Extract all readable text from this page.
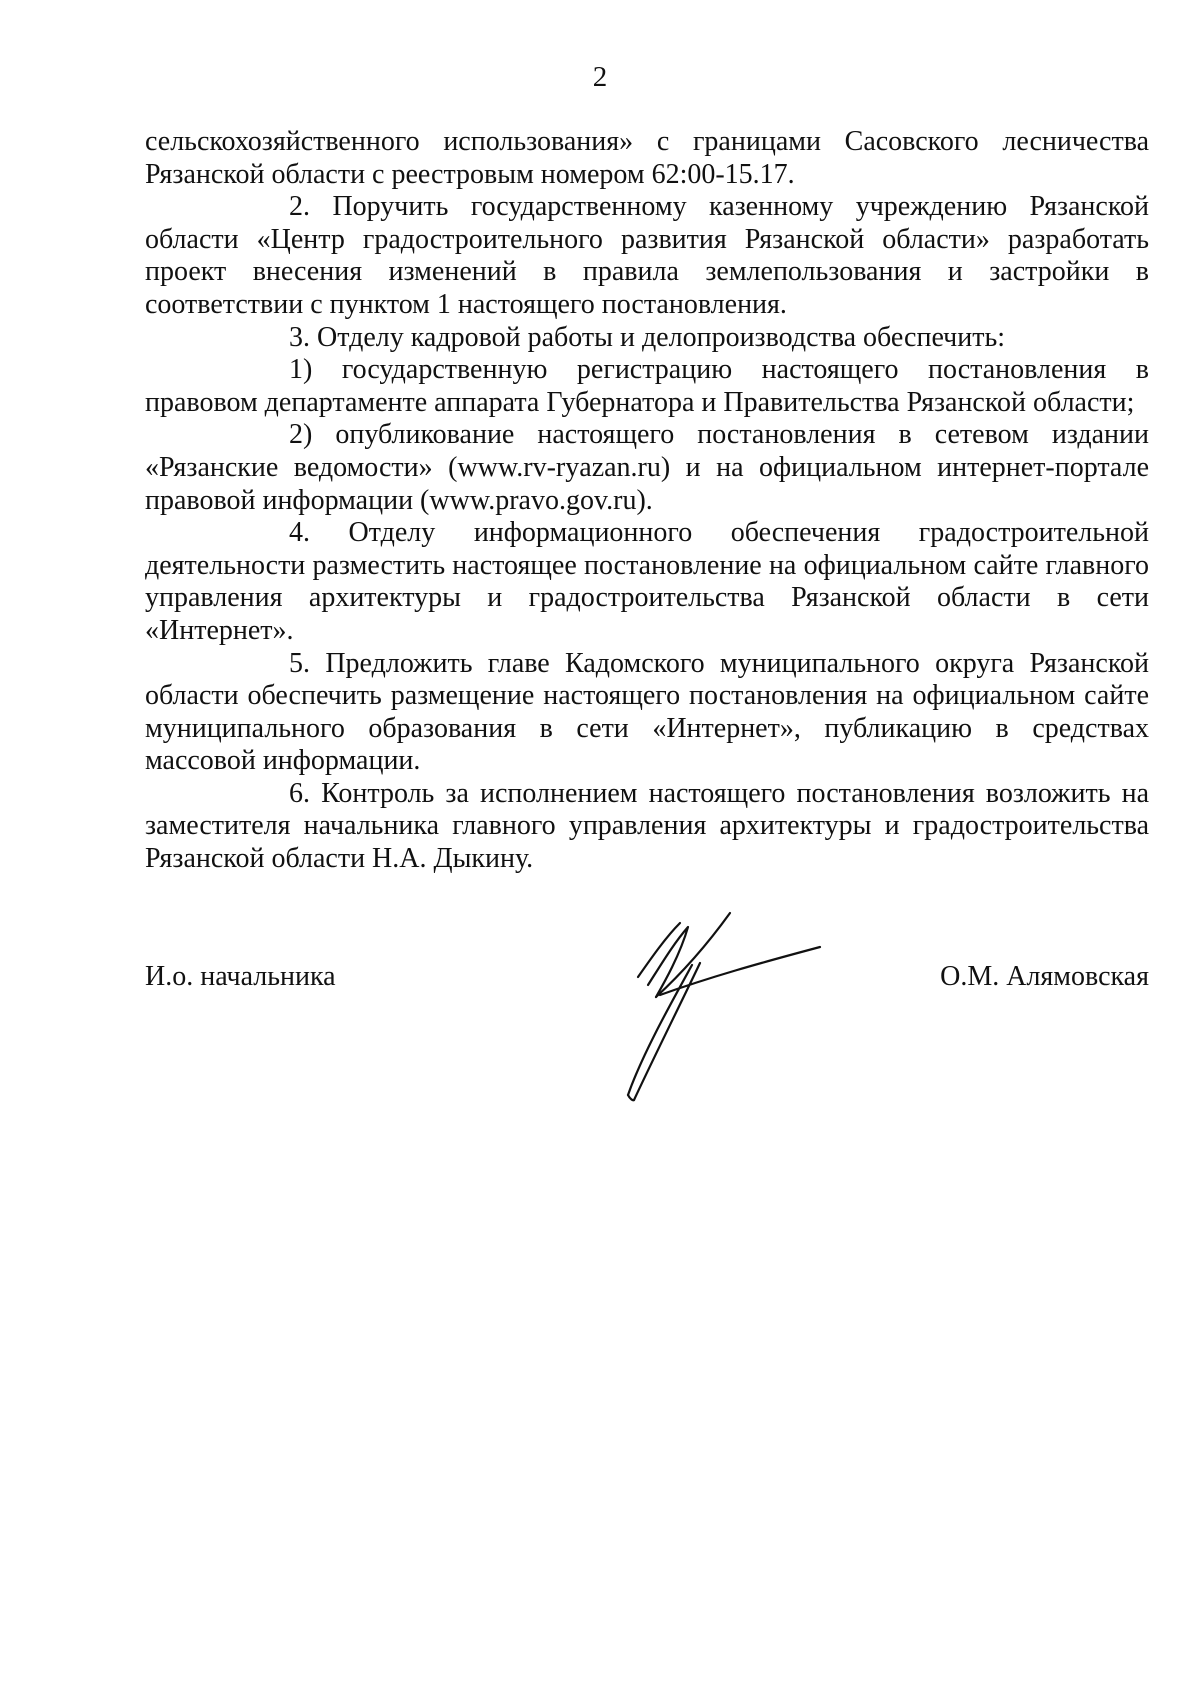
2

сельскохозяйственного использования» с границами Сасовского лесничества Рязанской области с реестровым номером 62:00-15.17.

2. Поручить государственному казенному учреждению Рязанской области «Центр градостроительного развития Рязанской области» разработать проект внесения изменений в правила землепользования и застройки в соответствии с пунктом 1 настоящего постановления.

3. Отделу кадровой работы и делопроизводства обеспечить:

1) государственную регистрацию настоящего постановления в правовом департаменте аппарата Губернатора и Правительства Рязанской области;

2) опубликование настоящего постановления в сетевом издании «Рязанские ведомости» (www.rv-ryazan.ru) и на официальном интернет-портале правовой информации (www.pravo.gov.ru).

4. Отделу информационного обеспечения градостроительной деятельности разместить настоящее постановление на официальном сайте главного управления архитектуры и градостроительства Рязанской области в сети «Интернет».

5. Предложить главе Кадомского муниципального округа Рязанской области обеспечить размещение настоящего постановления на официальном сайте муниципального образования в сети «Интернет», публикацию в средствах массовой информации.

6. Контроль за исполнением настоящего постановления возложить на заместителя начальника главного управления архитектуры и градостроительства Рязанской области Н.А. Дыкину.

И.о. начальника	О.М. Алямовская
